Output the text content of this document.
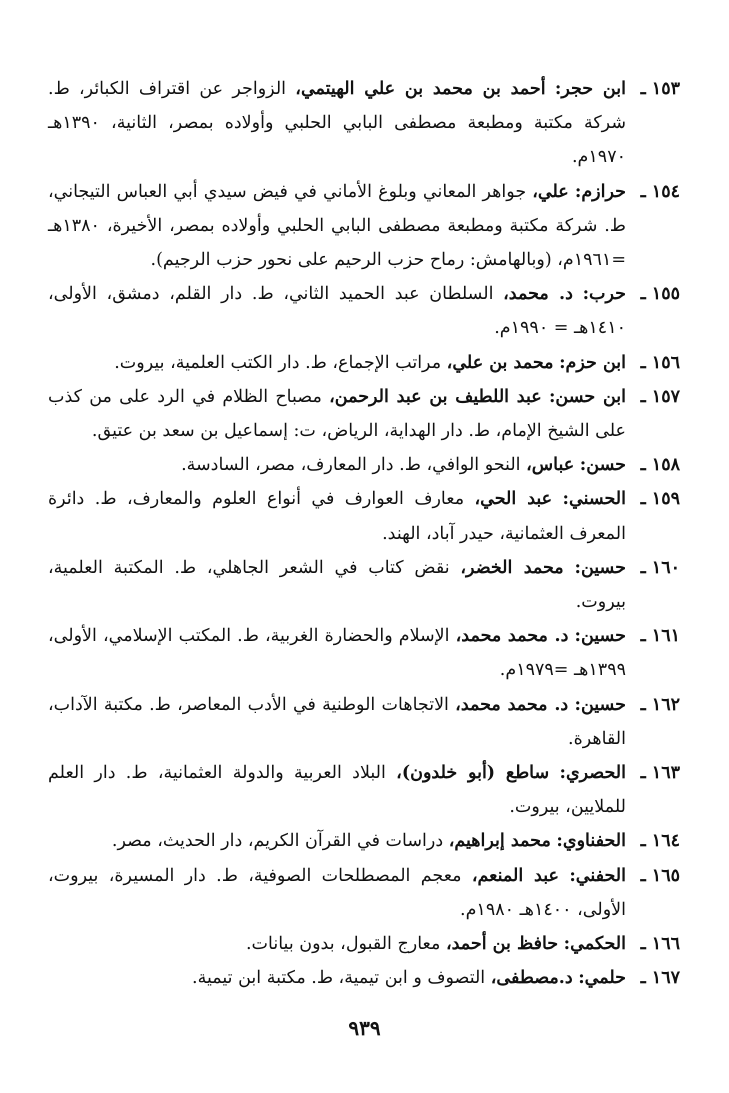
١٥٣ ـ
ابن حجر: أحمد بن محمد بن علي الهيتمي، الزواجر عن اقتراف الكبائر، ط. شركة مكتبة ومطبعة مصطفى البابي الحلبي وأولاده بمصر، الثانية، ١٣٩٠هـ ١٩٧٠م.
١٥٤ ـ
حرازم: علي، جواهر المعاني وبلوغ الأماني في فيض سيدي أبي العباس التيجاني، ط. شركة مكتبة ومطبعة مصطفى البابي الحلبي وأولاده بمصر، الأخيرة، ١٣٨٠هـ =١٩٦١م، (وبالهامش: رماح حزب الرحيم على نحور حزب الرجيم).
١٥٥ ـ
حرب: د. محمد، السلطان عبد الحميد الثاني، ط. دار القلم، دمشق، الأولى، ١٤١٠هـ = ١٩٩٠م.
١٥٦ ـ
ابن حزم: محمد بن علي، مراتب الإجماع، ط. دار الكتب العلمية، بيروت.
١٥٧ ـ
ابن حسن: عبد اللطيف بن عبد الرحمن، مصباح الظلام في الرد على من كذب على الشيخ الإمام، ط. دار الهداية، الرياض، ت: إسماعيل بن سعد بن عتيق.
١٥٨ ـ
حسن: عباس، النحو الوافي، ط. دار المعارف، مصر، السادسة.
١٥٩ ـ
الحسني: عبد الحي، معارف العوارف في أنواع العلوم والمعارف، ط. دائرة المعرف العثمانية، حيدر آباد، الهند.
١٦٠ ـ
حسين: محمد الخضر، نقض كتاب في الشعر الجاهلي، ط. المكتبة العلمية، بيروت.
١٦١ ـ
حسين: د. محمد محمد، الإسلام والحضارة الغربية، ط. المكتب الإسلامي، الأولى، ١٣٩٩هـ =١٩٧٩م.
١٦٢ ـ
حسين: د. محمد محمد، الاتجاهات الوطنية في الأدب المعاصر، ط. مكتبة الآداب، القاهرة.
١٦٣ ـ
الحصري: ساطع (أبو خلدون)، البلاد العربية والدولة العثمانية، ط. دار العلم للملايين، بيروت.
١٦٤ ـ
الحفناوي: محمد إبراهيم، دراسات في القرآن الكريم، دار الحديث، مصر.
١٦٥ ـ
الحفني: عبد المنعم، معجم المصطلحات الصوفية، ط. دار المسيرة، بيروت، الأولى، ١٤٠٠هـ ١٩٨٠م.
١٦٦ ـ
الحكمي: حافظ بن أحمد، معارج القبول، بدون بيانات.
١٦٧ ـ
حلمي: د.مصطفى، التصوف و ابن تيمية، ط. مكتبة ابن تيمية.
٩٣٩
